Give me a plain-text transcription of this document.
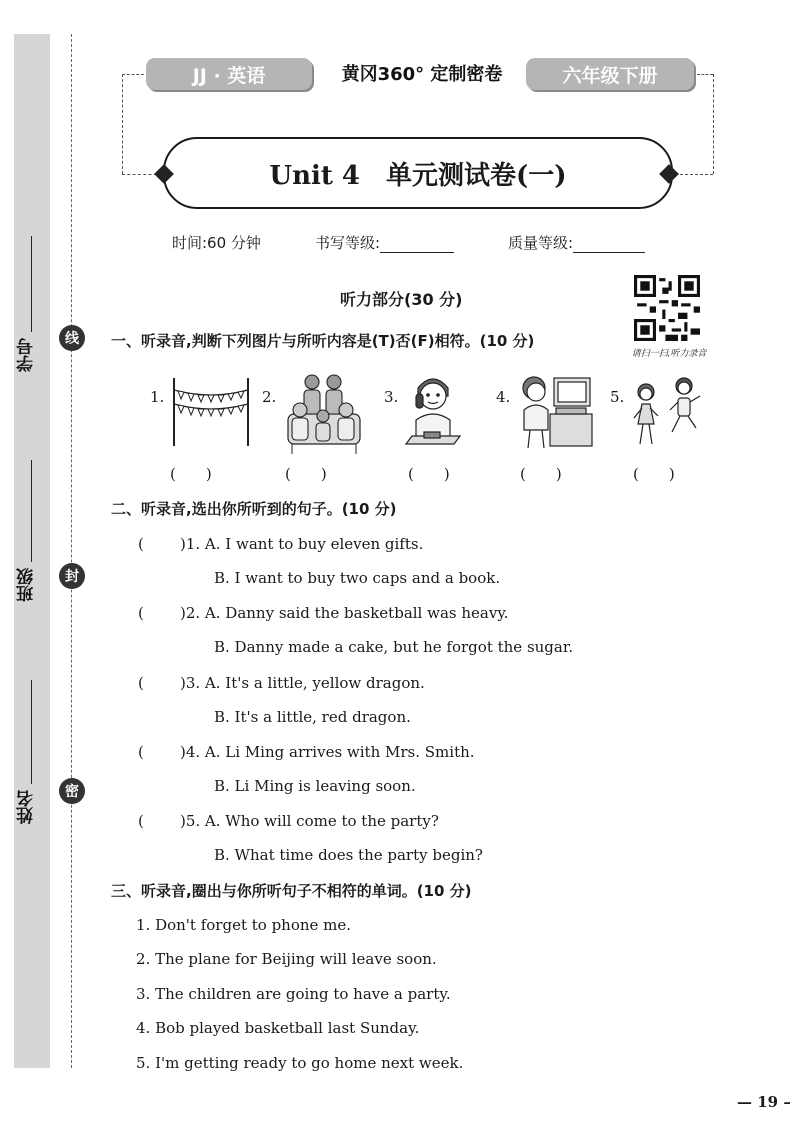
学号
班级
姓名
线
封
密
JJ · 英语	黄冈360° 定制密卷	六年级下册
Unit 4　单元测试卷(一)
时间:60 分钟	书写等级:	质量等级:
听力部分(30 分)
请扫一扫,听力录音
一、听录音,判断下列图片与所听内容是(T)否(F)相符。(10 分)
1.	2.	3.	4.	5.
(　　)	(　　)	(　　)	(　　)	(　　)
二、听录音,选出你所听到的句子。(10 分)
( )1. A. I want to buy eleven gifts.
B. I want to buy two caps and a book.
( )2. A. Danny said the basketball was heavy.
B. Danny made a cake, but he forgot the sugar.
( )3. A. It's a little, yellow dragon.
B. It's a little, red dragon.
( )4. A. Li Ming arrives with Mrs. Smith.
B. Li Ming is leaving soon.
( )5. A. Who will come to the party?
B. What time does the party begin?
三、听录音,圈出与你所听句子不相符的单词。(10 分)
1. Don't forget to phone me.
2. The plane for Beijing will leave soon.
3. The children are going to have a party.
4. Bob played basketball last Sunday.
5. I'm getting ready to go home next week.
— 19 –
